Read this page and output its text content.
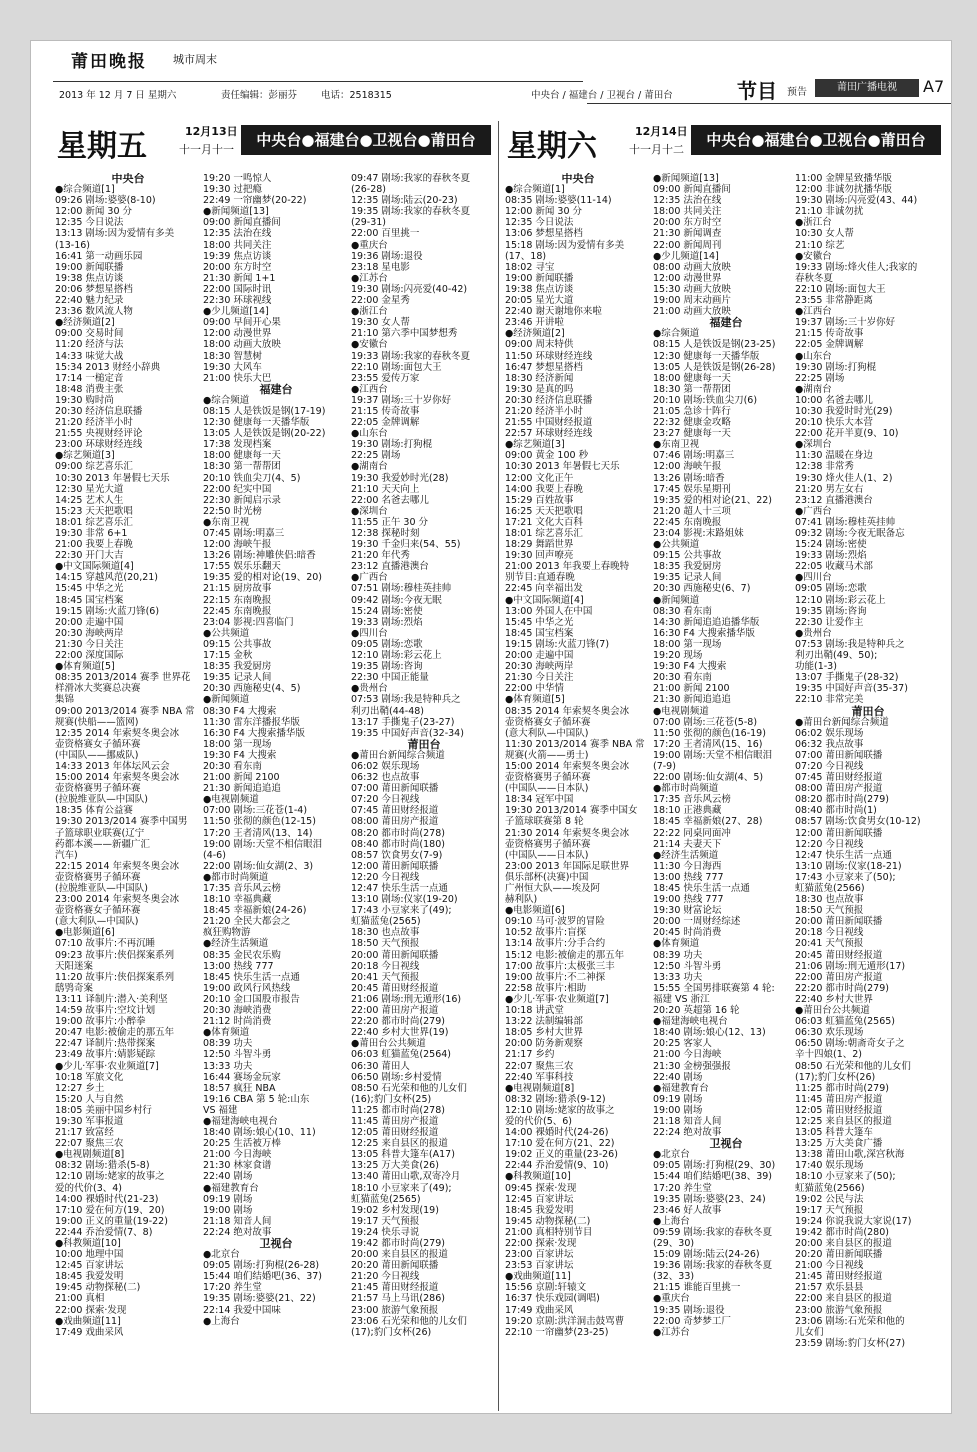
莆田晚报 城市周末
2013 年 12 月 7 日 星期六	责任编辑：彭丽芬	电话：2518315	中央台 / 福建台 / 卫视台 / 莆田台	节目 预告	莆田广播电视	A7
星期五	12月13日
十一月十一
中央台●福建台●卫视台●莆田台	星期六	12月14日
十一月十二
中央台●福建台●卫视台●莆田台
中央台
●综合频道[1]
09:26 剧场:婆婆(8-10)
12:00 新闻 30 分
12:35 今日说法
13:13 剧场:因为爱情有多美
(13-16)
16:41 第一动画乐园
19:00 新闻联播
19:38 焦点访谈
20:06 梦想星搭档
22:40 魅力纪录
23:36 数风流人物
●经济频道[2]
09:00 交易时间
11:20 经济与法
14:33 味觉大战
15:34 2013 财经小辞典
17:14 一槌定音
18:48 消费主张
19:30 购时尚
20:30 经济信息联播
21:20 经济半小时
21:55 央视财经评论
23:00 环球财经连线
●综艺频道[3]
09:00 综艺喜乐汇
10:30 2013 年暑假七天乐
12:30 星光大道
14:25 艺术人生
15:23 天天把歌唱
18:01 综艺喜乐汇
19:30 非常 6+1
21:00 我要上春晚
22:30 开门大吉
●中文国际频道[4]
14:15 穿越风范(20,21)
15:45 中华之光
18:45 国宝档案
19:15 剧场:火蓝刀锋(6)
20:00 走遍中国
20:30 海峡两岸
21:30 今日关注
22:00 深度国际
●体育频道[5]
08:35 2013/2014 赛季 世界花
样滑冰大奖赛总决赛
集锦
09:00 2013/2014 赛季 NBA 常
规赛(快船——篮网)
12:35 2014 年索契冬奥会冰
壶资格赛女子循环赛
(中国队——挪威队)
14:33 2013 年体坛风云会
15:00 2014 年索契冬奥会冰
壶资格赛男子循环赛
(拉脱维亚队—中国队)
18:35 体育公益赛
19:30 2013/2014 赛季中国男
子篮球职业联赛(辽宁
药都本溪——新疆广汇
汽车)
22:15 2014 年索契冬奥会冰
壶资格赛男子循环赛
(拉脱维亚队—中国队)
23:00 2014 年索契冬奥会冰
壶资格赛女子循环赛
(意大利队—中国队)
●电影频道[6]
07:10 故事片:不再沉睡
09:23 故事片:侠侣探案系列
天阳迷案
11:20 故事片:侠侣探案系列
鸱鸮奇案
13:11 译制片:潜入·美利坚
14:59 故事片:空坟计划
19:00 故事片:小醉拳
20:47 电影:被偷走的那五年
22:47 译制片:热带探案
23:49 故事片:婧影疑踪
●少儿·军事·农业频道[7]
10:18 军旅文化
12:27 乡土
15:20 人与自然
18:05 美丽中国乡村行
19:30 军事报道
21:17 致富经
22:07 聚焦三农
●电视剧频道[8]
08:32 剧场:猎杀(5-8)
12:10 剧场:姥家的故事之
爱的代价(3、4)
14:00 裸婚时代(21-23)
17:10 爱在何方(19、20)
19:00 正义的重量(19-22)
22:44 乔治爱情(7、8)
●科教频道[10]
10:00 地理中国
12:45 百家讲坛
18:45 我爱发明
19:45 动物探秘(二)
21:00 真相
22:00 探索·发现
●戏曲频道[11]
17:49 戏曲采风
19:20 一鸣惊人
19:30 过把瘾
22:49 一帘幽梦(20-22)
●新闻频道[13]
09:00 新闻直播间
12:35 法治在线
18:00 共同关注
19:39 焦点访谈
20:00 东方时空
21:30 新闻 1+1
22:00 国际时讯
22:30 环球视线
●少儿频道[14]
09:00 早间开心果
12:00 动漫世界
18:00 动画大放映
18:30 智慧树
19:30 大风车
21:00 快乐大巴
福建台
●综合频道
08:15 人是铁饭是钢(17-19)
12:30 健康每一天播华版
13:05 人是铁饭是钢(20-22)
17:38 发现档案
18:00 健康每一天
18:30 第一帮帮团
20:10 铁血尖刀(4、5)
22:00 纪实中国
22:30 新闻启示录
22:50 时光榜
●东南卫视
07:45 剧场:明嘉三
12:00 海峡午报
13:26 剧场:神雕侠侣:暗香
17:55 娱乐乐翻天
19:35 爱的相对论(19、20)
21:15 厨房故事
22:15 东南晚报
22:45 东南晚报
23:04 影视:四喜临门
●公共频道
09:15 公共事故
17:15 金秋
18:35 我爱厨房
19:35 记录人间
20:30 西施秘史(4、5)
●新闻频道
08:30 F4 大搜索
11:30 雷东洋播报华版
16:30 F4 大搜索播华版
18:00 第一现场
19:30 F4 大搜索
20:30 看东南
21:00 新闻 2100
21:30 新闻追追追
●电视剧频道
07:00 剧场:三花苍(1-4)
11:50 张彻的颜色(12-15)
17:20 王者清风(13、14)
19:00 剧场:天堂不相信眼泪
(4-6)
22:00 剧场:仙女湖(2、3)
●都市时尚频道
17:35 音乐风云榜
18:10 幸福典藏
18:45 幸福新娘(24-26)
21:20 全民大都会之
疯狂购物游
●经济生活频道
08:35 金民农乐购
13:00 热线 777
18:45 快乐生活一点通
19:00 政风行风热线
20:10 金口国股市报告
20:30 海峡消费
21:12 时尚消费
●体育频道
08:39 功夫
12:50 斗智斗勇
13:33 功夫
16:44 赛场金玩家
18:57 疯狂 NBA
19:16 CBA 第 5 轮:山东
VS 福建
●福建海峡电视台
18:40 剧场:娘心(10、11)
20:25 生活被万棒
21:00 今日海峡
21:30 林家食谱
22:40 剧场
●福建教育台
09:19 剧场
19:00 剧场
21:18 知音人间
22:24 绝对故事
卫视台
●北京台
09:05 剧场:打狗棍(26-28)
15:44 咱们结婚吧(36、37)
17:20 养生堂
19:35 剧场:婆婆(21、22)
22:14 我爱中国味
●上海台
09:47 剧场:我家的春秋冬夏
(26-28)
12:35 剧场:陆云(20-23)
19:35 剧场:我家的春秋冬夏
(29-31)
22:00 百里挑一
●重庆台
19:36 剧场:退役
23:18 星电影
●江苏台
19:30 剧场:闪亮爱(40-42)
22:00 金星秀
●浙江台
19:30 女人帮
21:10 第六季中国梦想秀
●安徽台
19:33 剧场:我家的春秋冬夏
22:10 剧场:面包大王
23:55 爱传万家
●江西台
19:37 剧场:三十岁你好
21:15 传奇故事
22:05 金牌调解
●山东台
19:30 剧场:打狗棍
22:25 剧场
●湖南台
19:30 我爱妙时光(28)
21:10 天天向上
22:00 名爸去哪儿
●深圳台
11:55 正午 30 分
12:38 探秘时刻
19:30 千金归来(54、55)
21:20 年代秀
23:12 直播港澳台
●广西台
07:51 剧场:穆桂英挂帅
09:42 剧场:今夜无眠
15:24 剧场:密使
19:33 剧场:烈焰
●四川台
09:05 剧场:恋歌
12:10 剧场:彩云花上
19:35 剧场:咨询
22:30 中国正能量
●贵州台
07:53 剧场:我是特种兵之
利刃出鞘(44-48)
13:17 手撕鬼子(23-27)
19:35 中国好声音(32-34)
莆田台
●莆田台新闻综合频道
06:02 娱乐现场
06:32 也点故事
07:00 莆田新闻联播
07:20 今日视线
07:45 莆田财经报道
08:00 莆田房产报道
08:20 都市时尚(278)
08:40 都市时尚(180)
08:57 饮食男女(7-9)
12:00 莆田新闻联播
12:20 今日视线
12:47 快乐生活一点通
13:10 剧场:仪家(19-20)
17:43 小豆家来了(49);
虹猫蓝兔(2565)
18:30 也点故事
18:50 天气预报
20:00 莆田新闻联播
20:18 今日视线
20:41 天气预报
20:45 莆田财经报道
21:06 剧场:刑无遁形(16)
22:00 莆田房产报道
22:20 都市时尚(279)
22:40 乡村大世界(19)
●莆田台公共频道
06:03 虹猫蓝兔(2564)
06:30 莆田人
06:50 剧场:乡村爱情
08:50 石光荣和他的儿女们
(16);豹门女杯(25)
11:25 都市时尚(278)
11:45 莆田房产报道
12:05 莆田财经报道
12:25 来自县区的报道
13:05 科普大篷车(A17)
13:25 万大美食(26)
13:40 莆田山歌,双寄冷月
18:10 小豆家来了(49);
虹猫蓝兔(2565)
19:02 乡村发现(19)
19:17 天气预报
19:24 快乐寻说
19:42 都市时尚(279)
20:00 来自县区的报道
20:20 莆田新闻联播
21:20 今日视线
21:45 莆田财经报道
21:57 马上马讯(286)
23:00 旅游气象预报
23:06 石光荣和他的儿女们
(17);豹门女杯(26)
中央台
●综合频道[1]
08:35 剧场:婆婆(11-14)
12:00 新闻 30 分
12:35 今日说法
13:06 梦想星搭档
15:18 剧场:因为爱情有多美
(17、18)
18:02 寻宝
19:00 新闻联播
19:38 焦点访谈
20:05 星光大道
22:40 谢天谢地你来啦
23:46 开讲啦
●经济频道[2]
09:00 周末特供
11:50 环球财经连线
16:47 梦想星搭档
18:30 经济新闻
19:30 是真的吗
20:30 经济信息联播
21:20 经济半小时
21:55 中国财经报道
22:57 环球财经连线
●综艺频道[3]
09:00 黄金 100 秒
10:30 2013 年暑假七天乐
12:00 文化正午
14:00 我要上春晚
15:29 百姓故事
16:25 天天把歌唱
17:21 文化大百科
18:01 综艺喜乐汇
18:29 舞蹈世界
19:30 回声嘹亮
21:00 2013 年我要上春晚特
别节目:直通春晚
22:45 向幸福出发
●中文国际频道[4]
13:00 外国人在中国
15:45 中华之光
18:45 国宝档案
19:15 剧场:火蓝刀锋(7)
20:00 走遍中国
20:30 海峡两岸
21:30 今日关注
22:00 中华情
●体育频道[5]
08:35 2014 年索契冬奥会冰
壶资格赛女子循环赛
(意大利队—中国队)
11:30 2013/2014 赛季 NBA 常
规赛(火箭——勇士)
15:00 2014 年索契冬奥会冰
壶资格赛男子循环赛
(中国队——日本队)
18:34 冠军中国
19:30 2013/2014 赛季中国女
子篮球联赛第 8 轮
21:30 2014 年索契冬奥会冰
壶资格赛男子循环赛
(中国队——日本队)
23:00 2013 年国际足联世界
俱乐部杯(决赛)中国
广州恒大队——埃及阿
赫利队)
●电影频道[6]
09:10 马可·波罗的冒险
10:52 故事片:盲探
13:14 故事片:分手合约
15:12 电影:被偷走的那五年
17:00 故事片:太极张三丰
19:00 故事片:不二神探
22:58 故事片:相助
●少儿·军事·农业频道[7]
10:18 讲武堂
13:22 法制编辑部
18:05 乡村大世界
20:00 防务新观察
21:17 乡约
22:07 聚焦三农
22:40 军事科技
●电视剧频道[8]
08:32 剧场:猎杀(9-12)
12:10 剧场:姥家的故事之
爱的代价(5、6)
14:00 裸婚时代(24-26)
17:10 爱在何方(21、22)
19:02 正义的重量(23-26)
22:44 乔治爱情(9、10)
●科教频道[10]
09:45 探索·发现
12:45 百家讲坛
18:45 我爱发明
19:45 动物探秘(二)
21:00 真相特别节目
22:00 探索·发现
23:00 百家讲坛
23:53 百家讲坛
●戏曲频道[11]
15:56 京剧:轩辕文
16:37 快乐戏园(调唱)
17:49 戏曲采风
19:20 京剧:洪洋洞击鼓骂曹
22:10 一帘幽梦(23-25)
●新闻频道[13]
09:00 新闻直播间
12:35 法治在线
18:00 共同关注
20:00 东方时空
21:30 新闻调查
22:00 新闻周刊
●少儿频道[14]
08:00 动画大放映
12:00 动漫世界
15:30 动画大放映
19:00 周末动画片
21:00 动画大放映
福建台
●综合频道
08:15 人是铁饭是钢(23-25)
12:30 健康每一天播华版
13:05 人是铁饭是钢(26-28)
18:00 健康每一天
18:30 第一帮帮团
20:10 剧场:铁血尖刀(6)
21:05 急诊十阵行
22:32 健康金攻略
23:27 健康每一天
●东南卫视
07:46 剧场:明嘉三
12:00 海峡午报
13:26 剧场:暗香
17:45 娱乐星期刊
19:35 爱的相对论(21、22)
21:20 超人十三项
22:45 东南晚报
23:04 影视:末路姐妹
●公共频道
09:15 公共事故
18:35 我爱厨房
19:35 记录人间
20:30 西施秘史(6、7)
●新闻频道
08:30 看东南
14:30 新闻追追追播华版
16:30 F4 大搜索播华版
18:00 第一现场
19:20 现场
19:30 F4 大搜索
20:30 看东南
21:00 新闻 2100
21:30 新闻追追追
●电视剧频道
07:00 剧场:三花苍(5-8)
11:50 张彻的颜色(16-19)
17:20 王者清风(15、16)
19:00 剧场:天堂不相信眼泪
(7-9)
22:00 剧场:仙女湖(4、5)
●都市时尚频道
17:35 音乐风云榜
18:10 正港典藏
18:45 幸福新娘(27、28)
22:22 同桌同面冲
21:14 夫妻天下
●经济生活频道
11:30 今日海西
13:00 热线 777
18:45 快乐生活一点通
19:00 热线 777
19:30 财富论坛
20:00 一周财经综述
20:45 时尚消费
●体育频道
08:39 功夫
12:50 斗智斗勇
13:33 功夫
15:55 全国男排联赛第 4 轮:
福建 VS 浙江
20:20 英超第 16 轮
●福建海峡电视台
18:40 剧场:娘心(12、13)
20:25 客家人
21:00 今日海峡
21:30 金榜强强报
22:40 剧场
●福建教育台
09:19 剧场
19:00 剧场
21:18 知音人间
22:24 绝对故事
卫视台
●北京台
09:05 剧场:打狗棍(29、30)
15:44 咱们结婚吧(38、39)
17:20 养生堂
19:35 剧场:婆婆(23、24)
23:46 好人故事
●上海台
09:59 剧场:我家的春秋冬夏
(29、30)
15:09 剧场:陆云(24-26)
19:36 剧场:我家的春秋冬夏
(32、33)
21:15 谁能百里挑一
●重庆台
19:35 剧场:退役
22:00 奇梦梦工厂
●江苏台
11:00 金牌星致播华版
12:00 非诚勿扰播华版
19:30 剧场:闪亮爱(43、44)
21:10 非诚勿扰
●浙江台
10:30 女人帮
21:10 综艺
●安徽台
19:33 剧场:烽火佳人;我家的
春秋冬夏
22:10 剧场:面包大王
23:55 非常静距离
●江西台
19:37 剧场:三十岁你好
21:15 传奇故事
22:05 金牌调解
●山东台
19:30 剧场:打狗棍
22:25 剧场
●湖南台
10:00 名爸去哪儿
10:30 我爱时时光(29)
20:10 快乐大本营
22:00 花开半夏(9、10)
●深圳台
11:30 温暖在身边
12:38 非常秀
19:30 烽火佳人(1、2)
21:20 男左女右
23:12 直播港澳台
●广西台
07:41 剧场:穆桂英挂帅
09:32 剧场:今夜无眠备忘
15:24 剧场:密使
19:33 剧场:烈焰
22:05 收藏马术部
●四川台
09:05 剧场:恋歌
12:10 剧场:彩云花上
19:35 剧场:咨询
22:30 让爱作主
●贵州台
07:53 剧场:我是特种兵之
利刃出鞘(49、50);
功能(1-3)
13:07 手撕鬼子(28-32)
19:35 中国好声音(35-37)
22:10 非常完美
莆田台
●莆田台新闻综合频道
06:02 娱乐现场
06:32 我点故事
07:00 莆田新闻联播
07:20 今日视线
07:45 莆田财经报道
08:00 莆田房产报道
08:20 都市时尚(279)
08:40 都市时尚(1)
08:57 剧场:饮食男女(10-12)
12:00 莆田新闻联播
12:20 今日视线
12:47 快乐生活一点通
13:10 剧场:仪家(18-21)
17:43 小豆家来了(50);
虹猫蓝兔(2566)
18:30 也点故事
18:50 天气预报
20:00 莆田新闻联播
20:18 今日视线
20:41 天气预报
20:45 莆田财经报道
21:06 剧场:刑无遁形(17)
22:00 莆田房产报道
22:20 都市时尚(279)
22:40 乡村大世界
●莆田台公共频道
06:03 虹猫蓝兔(2565)
06:30 欢乐现场
06:50 剧场:朝斋奇女子之
辛十四娘(1、2)
08:50 石光荣和他的儿女们
(17);豹门女杯(26)
11:25 都市时尚(279)
11:45 莆田房产报道
12:05 莆田财经报道
12:25 来自县区的报道
13:05 科普大篷车
13:25 万大美食广播
13:38 莆田山歌,深宫秋海
17:40 娱乐现场
18:10 小豆家来了(50);
虹猫蓝兔(2566)
19:02 公民与法
19:17 天气预报
19:24 你说我说大家说(17)
19:42 都市时尚(280)
20:00 来自县区的报道
20:20 莆田新闻联播
21:00 今日视线
21:45 莆田财经报道
21:57 欢乐县县
22:00 来自县区的报道
23:00 旅游气象预报
23:06 剧场:石光荣和他的
儿女们
23:59 剧场:豹门女杯(27)
